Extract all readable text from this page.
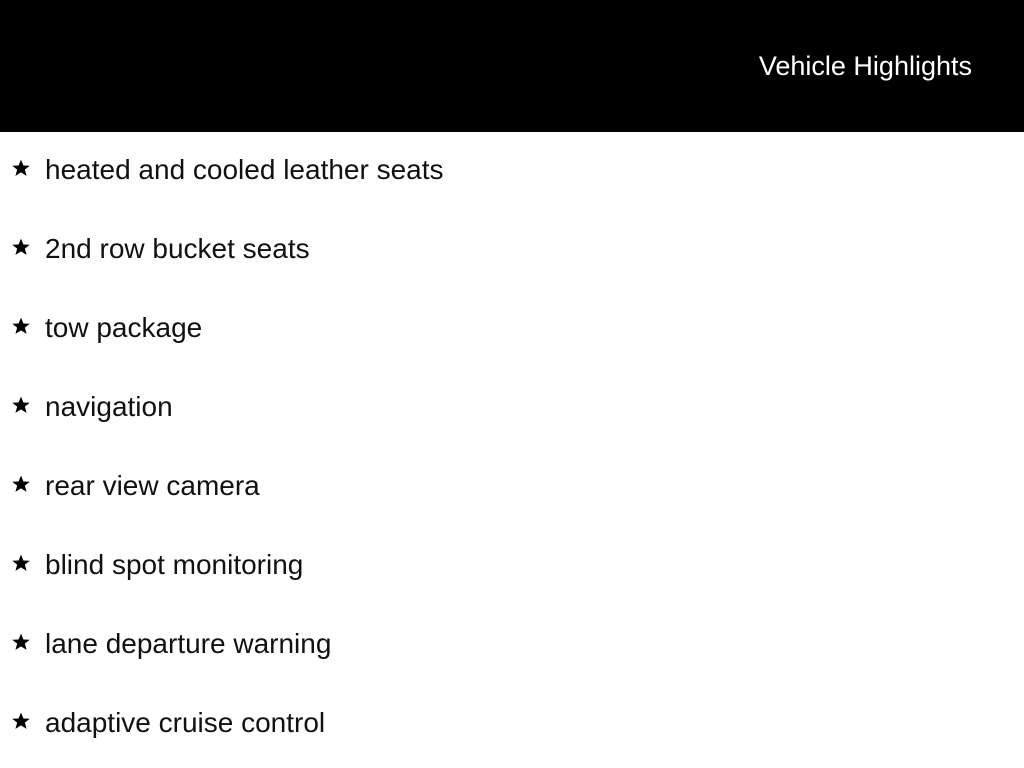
Vehicle Highlights
heated and cooled leather seats
2nd row bucket seats
tow package
navigation
rear view camera
blind spot monitoring
lane departure warning
adaptive cruise control
